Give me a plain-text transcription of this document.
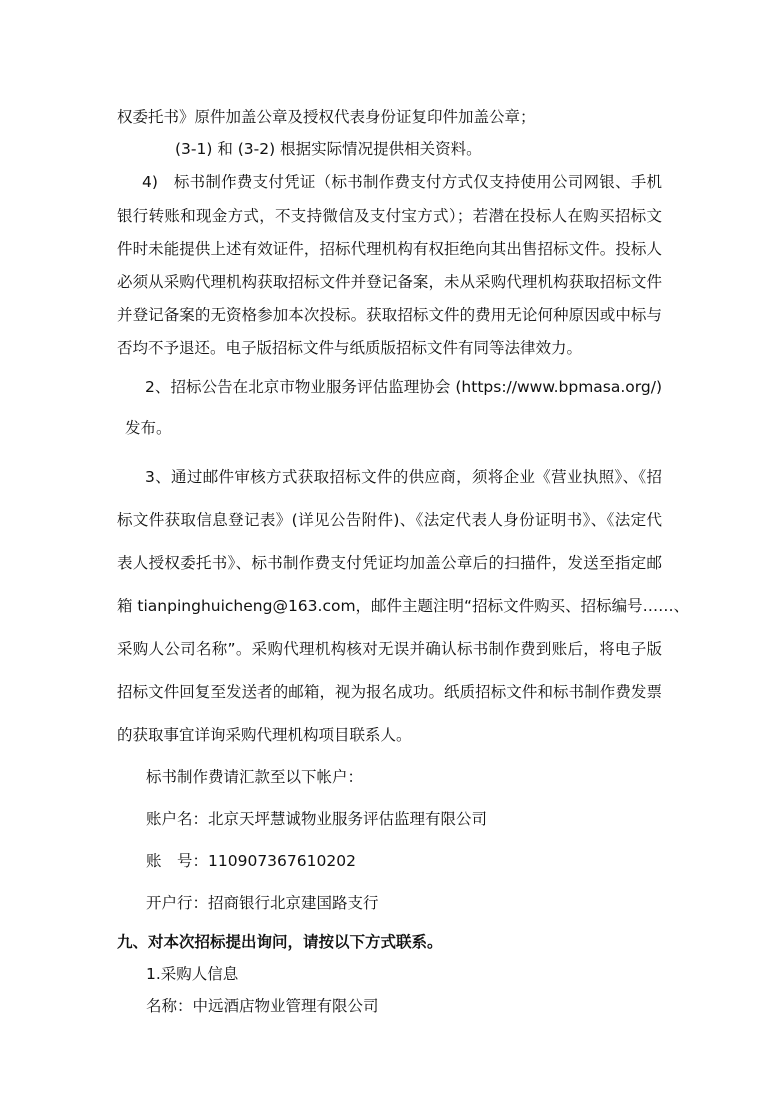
权委托书》原件加盖公章及授权代表身份证复印件加盖公章；

(3-1) 和 (3-2) 根据实际情况提供相关资料。

4)　标书制作费支付凭证（标书制作费支付方式仅支持使用公司网银、手机

银行转账和现金方式，不支持微信及支付宝方式）；若潜在投标人在购买招标文

件时未能提供上述有效证件，招标代理机构有权拒绝向其出售招标文件。投标人

必须从采购代理机构获取招标文件并登记备案，未从采购代理机构获取招标文件

并登记备案的无资格参加本次投标。获取招标文件的费用无论何种原因或中标与

否均不予退还。电子版招标文件与纸质版招标文件有同等法律效力。

2、招标公告在北京市物业服务评估监理协会 (https://www.bpmasa.org/)

发布。

3、通过邮件审核方式获取招标文件的供应商，须将企业《营业执照》、《招

标文件获取信息登记表》(详见公告附件)、《法定代表人身份证明书》、《法定代

表人授权委托书》、标书制作费支付凭证均加盖公章后的扫描件，发送至指定邮

箱 tianpinghuicheng@163.com，邮件主题注明“招标文件购买、招标编号……、

采购人公司名称”。采购代理机构核对无误并确认标书制作费到账后，将电子版

招标文件回复至发送者的邮箱，视为报名成功。纸质招标文件和标书制作费发票

的获取事宜详询采购代理机构项目联系人。

标书制作费请汇款至以下帐户：

账户名：北京天坪慧诚物业服务评估监理有限公司

账　号：110907367610202

开户行：招商银行北京建国路支行

九、对本次招标提出询问，请按以下方式联系。

1.采购人信息

名称：中远酒店物业管理有限公司
